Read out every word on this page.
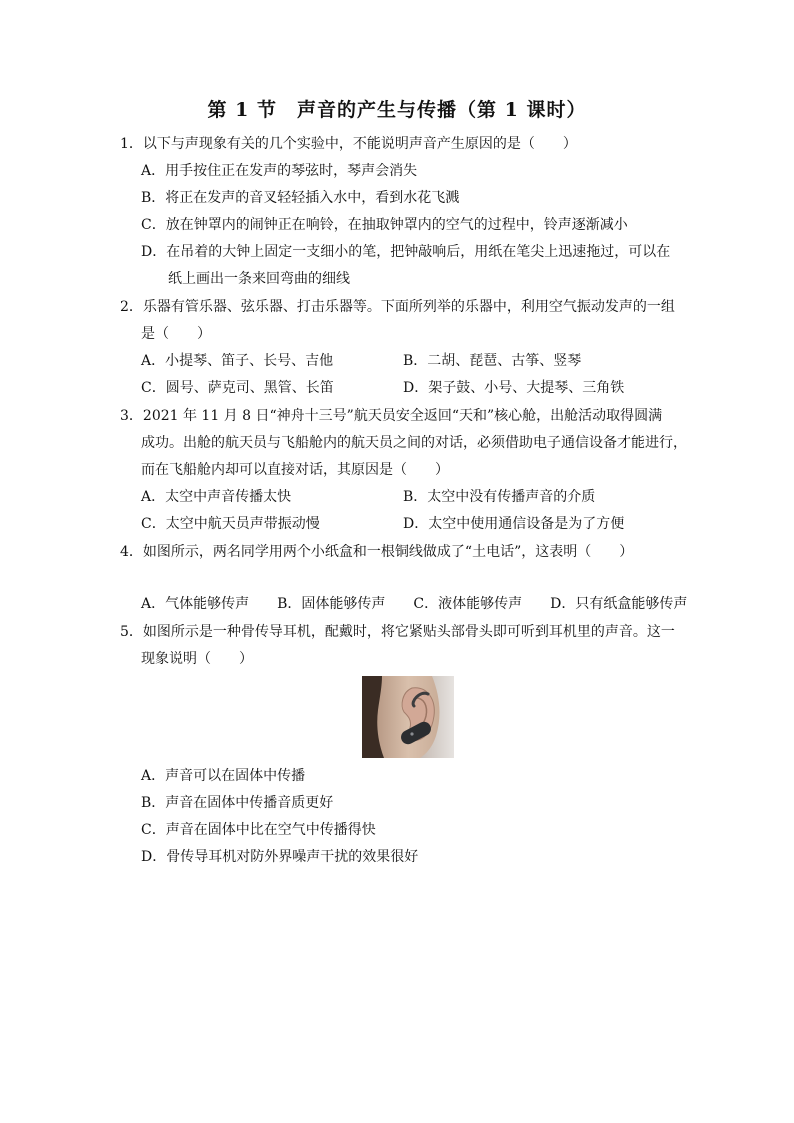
第 1 节　声音的产生与传播（第 1 课时）
1．以下与声现象有关的几个实验中，不能说明声音产生原因的是（　　）
A．用手按住正在发声的琴弦时，琴声会消失
B．将正在发声的音叉轻轻插入水中，看到水花飞溅
C．放在钟罩内的闹钟正在响铃，在抽取钟罩内的空气的过程中，铃声逐渐减小
D．在吊着的大钟上固定一支细小的笔，把钟敲响后，用纸在笔尖上迅速拖过，可以在
纸上画出一条来回弯曲的细线
2．乐器有管乐器、弦乐器、打击乐器等。下面所列举的乐器中，利用空气振动发声的一组
是（　　）
A．小提琴、笛子、长号、吉他	B．二胡、琵琶、古筝、竖琴
C．圆号、萨克司、黑管、长笛	D．架子鼓、小号、大提琴、三角铁
3．2021 年 11 月 8 日“神舟十三号”航天员安全返回“天和”核心舱，出舱活动取得圆满
成功。出舱的航天员与飞船舱内的航天员之间的对话，必须借助电子通信设备才能进行，
而在飞船舱内却可以直接对话，其原因是（　　）
A．太空中声音传播太快	B．太空中没有传播声音的介质
C．太空中航天员声带振动慢	D．太空中使用通信设备是为了方便
4．如图所示，两名同学用两个小纸盒和一根铜线做成了“土电话”，这表明（　　）
A．气体能够传声　　B．固体能够传声　　C．液体能够传声　　D．只有纸盒能够传声
5．如图所示是一种骨传导耳机，配戴时，将它紧贴头部骨头即可听到耳机里的声音。这一
现象说明（　　）
A．声音可以在固体中传播
B．声音在固体中传播音质更好
C．声音在固体中比在空气中传播得快
D．骨传导耳机对防外界噪声干扰的效果很好
